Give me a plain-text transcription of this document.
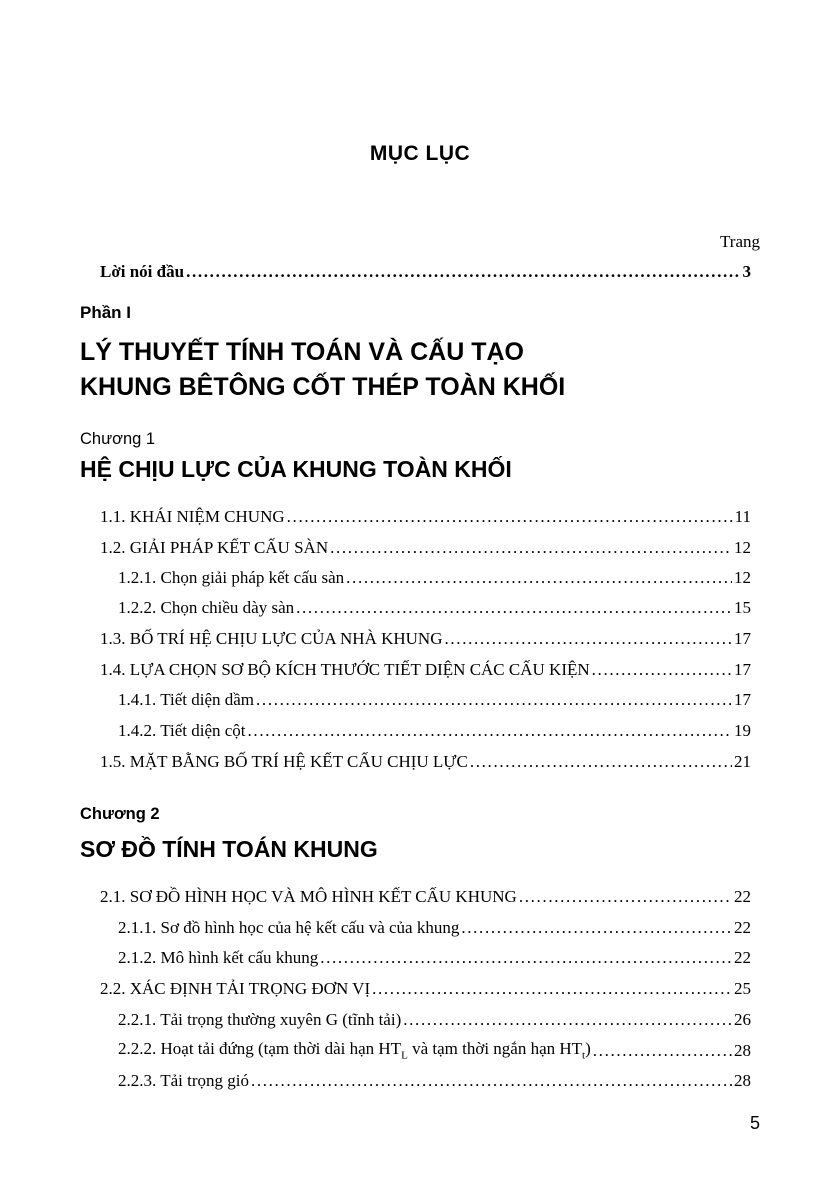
MỤC LỤC
Trang
Lời nói đầu . . .	3
Phần I
LÝ THUYẾT TÍNH TOÁN VÀ CẤU TẠO
KHUNG BÊTÔNG CỐT THÉP TOÀN KHỐI
Chương 1
HỆ CHỊU LỰC CỦA KHUNG TOÀN KHỐI
1.1. KHÁI NIỆM CHUNG . . .	11
1.2. GIẢI PHÁP KẾT CẤU SÀN . . .	12
1.2.1. Chọn giải pháp kết cấu sàn . . .	12
1.2.2. Chọn chiều dày sàn . . .	15
1.3. BỐ TRÍ HỆ CHỊU LỰC CỦA NHÀ KHUNG . . .	17
1.4. LỰA CHỌN SƠ BỘ KÍCH THƯỚC TIẾT DIỆN CÁC CẤU KIỆN . . .	17
1.4.1. Tiết diện dầm . . .	17
1.4.2. Tiết diện cột . . .	19
1.5. MẶT BẰNG BỐ TRÍ HỆ KẾT CẤU CHỊU LỰC . . .	21
Chương 2
SƠ ĐỒ TÍNH TOÁN KHUNG
2.1. SƠ ĐỒ HÌNH HỌC VÀ MÔ HÌNH KẾT CẤU KHUNG . . .	22
2.1.1. Sơ đồ hình học của hệ kết cấu và của khung . . .	22
2.1.2. Mô hình kết cấu khung . . .	22
2.2. XÁC ĐỊNH TẢI TRỌNG ĐƠN VỊ . . .	25
2.2.1. Tải trọng thường xuyên G (tĩnh tải) . . .	26
2.2.2. Hoạt tải đứng (tạm thời dài hạn $HT_L$ và tạm thời ngắn hạn $HT_t$) . . .	28
2.2.3. Tải trọng gió . . .	28
5
